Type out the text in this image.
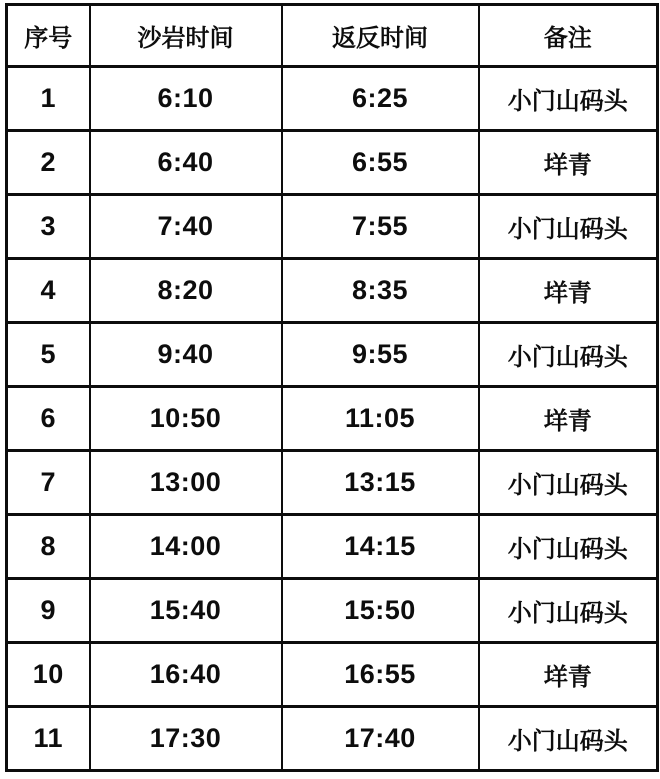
序号	沙岩时间	返反时间	备注
1	6:10	6:25	小门山码头
2	6:40	6:55	垟青
3	7:40	7:55	小门山码头
4	8:20	8:35	垟青
5	9:40	9:55	小门山码头
6	10:50	11:05	垟青
7	13:00	13:15	小门山码头
8	14:00	14:15	小门山码头
9	15:40	15:50	小门山码头
10	16:40	16:55	垟青
11	17:30	17:40	小门山码头
